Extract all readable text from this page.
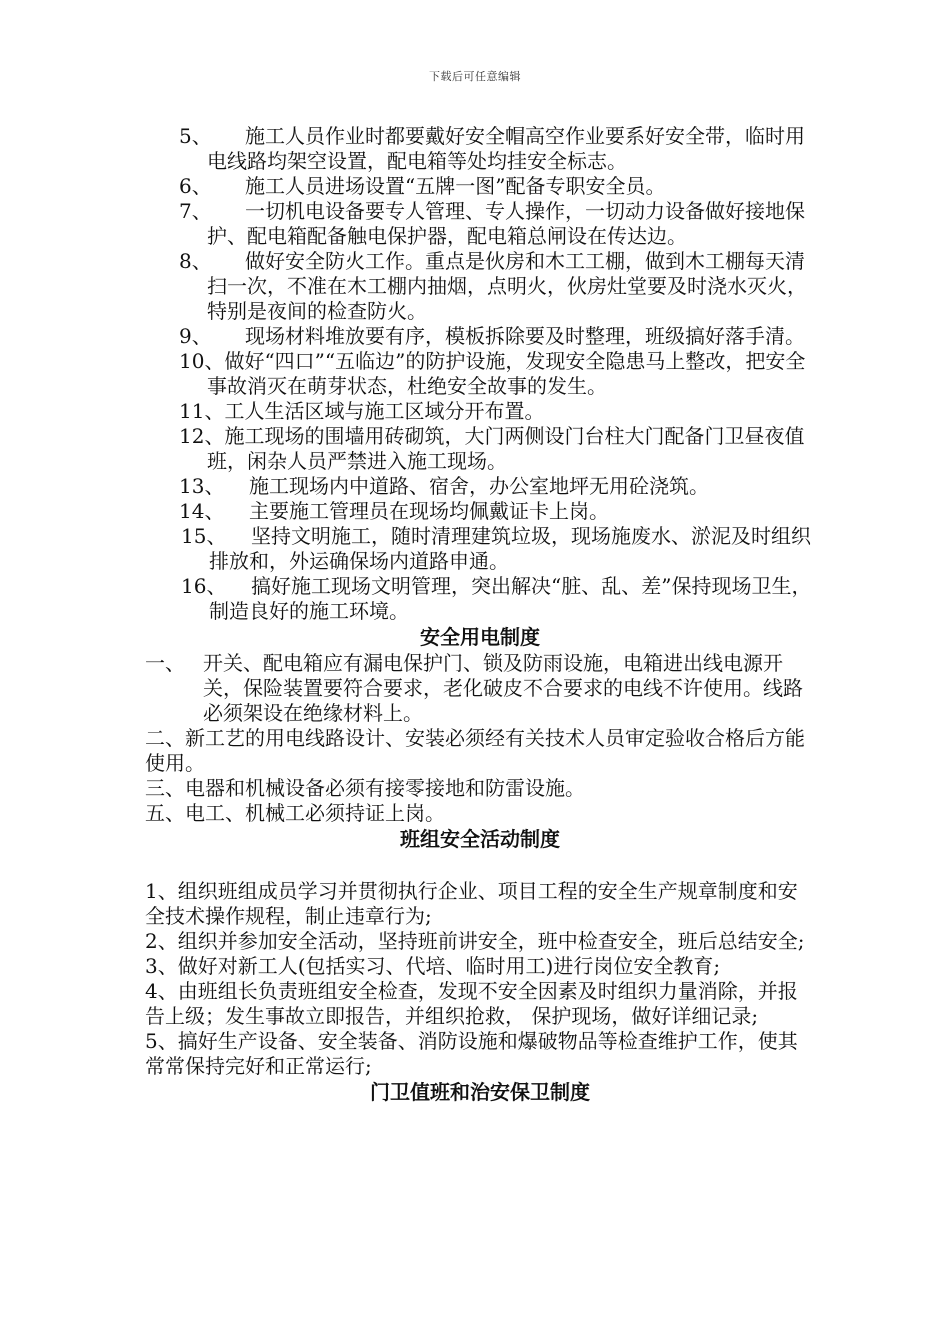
下载后可任意编辑

5、 施工人员作业时都要戴好安全帽高空作业要系好安全带，临时用电线路均架空设置，配电箱等处均挂安全标志。

6、 施工人员进场设置“五牌一图”配备专职安全员。

7、 一切机电设备要专人管理、专人操作，一切动力设备做好接地保护、配电箱配备触电保护器，配电箱总闸设在传达边。

8、 做好安全防火工作。重点是伙房和木工工棚，做到木工棚每天清扫一次，不准在木工棚内抽烟，点明火，伙房灶堂要及时浇水灭火，特别是夜间的检查防火。

9、 现场材料堆放要有序，模板拆除要及时整理，班级搞好落手清。

10、做好“四口”“五临边”的防护设施，发现安全隐患马上整改，把安全事故消灭在萌芽状态，杜绝安全故事的发生。

11、工人生活区域与施工区域分开布置。

12、施工现场的围墙用砖砌筑，大门两侧设门台柱大门配备门卫昼夜值班，闲杂人员严禁进入施工现场。

13、 施工现场内中道路、宿舍，办公室地坪无用砼浇筑。

14、 主要施工管理员在现场均佩戴证卡上岗。

15、 坚持文明施工，随时清理建筑垃圾，现场施废水、淤泥及时组织排放和，外运确保场内道路申通。

16、 搞好施工现场文明管理，突出解决“脏、乱、差”保持现场卫生，制造良好的施工环境。

安全用电制度

一、 开关、配电箱应有漏电保护门、锁及防雨设施，电箱进出线电源开关，保险装置要符合要求，老化破皮不合要求的电线不许使用。线路必须架设在绝缘材料上。

二、新工艺的用电线路设计、安装必须经有关技术人员审定验收合格后方能使用。

三、电器和机械设备必须有接零接地和防雷设施。

五、电工、机械工必须持证上岗。

班组安全活动制度

1、组织班组成员学习并贯彻执行企业、项目工程的安全生产规章制度和安全技术操作规程，制止违章行为;

2、组织并参加安全活动，坚持班前讲安全，班中检查安全，班后总结安全;

3、做好对新工人(包括实习、代培、临时用工)进行岗位安全教育;

4、由班组长负责班组安全检查，发现不安全因素及时组织力量消除，并报告上级；发生事故立即报告，并组织抢救， 保护现场，做好详细记录;

5、搞好生产设备、安全装备、消防设施和爆破物品等检查维护工作，使其常常保持完好和正常运行;

门卫值班和治安保卫制度
